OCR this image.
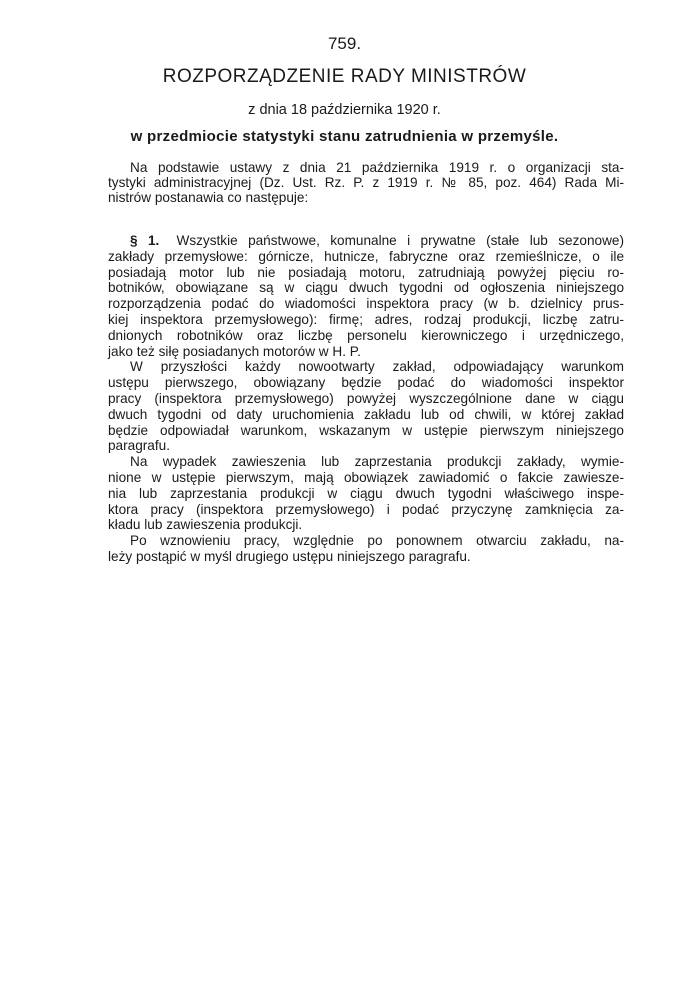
759.
ROZPORZĄDZENIE RADY MINISTRÓW
z dnia 18 października 1920 r.
w przedmiocie statystyki stanu zatrudnienia w przemyśle.
Na podstawie ustawy z dnia 21 października 1919 r. o organizacji sta-
tystyki administracyjnej (Dz. Ust. Rz. P. z 1919 r. № 85, poz. 464) Rada Mi-
nistrów postanawia co następuje:
§ 1.  Wszystkie państwowe, komunalne i prywatne (stałe lub sezonowe)
zakłady przemysłowe: górnicze, hutnicze, fabryczne oraz rzemieślnicze, o ile
posiadają motor lub nie posiadają motoru, zatrudniają powyżej pięciu ro-
botników, obowiązane są w ciągu dwuch tygodni od ogłoszenia niniejszego
rozporządzenia podać do wiadomości inspektora pracy (w b. dzielnicy prus-
kiej inspektora przemysłowego): firmę; adres, rodzaj produkcji, liczbę zatru-
dnionych robotników oraz liczbę personelu kierowniczego i urzędniczego,
jako też siłę posiadanych motorów w H. P.
W przyszłości każdy nowootwarty zakład, odpowiadający warunkom
ustępu pierwszego, obowiązany będzie podać do wiadomości inspektor
pracy (inspektora przemysłowego) powyżej wyszczególnione dane w ciągu
dwuch tygodni od daty uruchomienia zakładu lub od chwili, w której zakład
będzie odpowiadał warunkom, wskazanym w ustępie pierwszym niniejszego
paragrafu.
Na wypadek zawieszenia lub zaprzestania produkcji zakłady, wymie-
nione w ustępie pierwszym, mają obowiązek zawiadomić o fakcie zawiesze-
nia lub zaprzestania produkcji w ciągu dwuch tygodni właściwego inspe-
ktora pracy (inspektora przemysłowego) i podać przyczynę zamknięcia za-
kładu lub zawieszenia produkcji.
Po wznowieniu pracy, względnie po ponownem otwarciu zakładu, na-
leży postąpić w myśl drugiego ustępu niniejszego paragrafu.
